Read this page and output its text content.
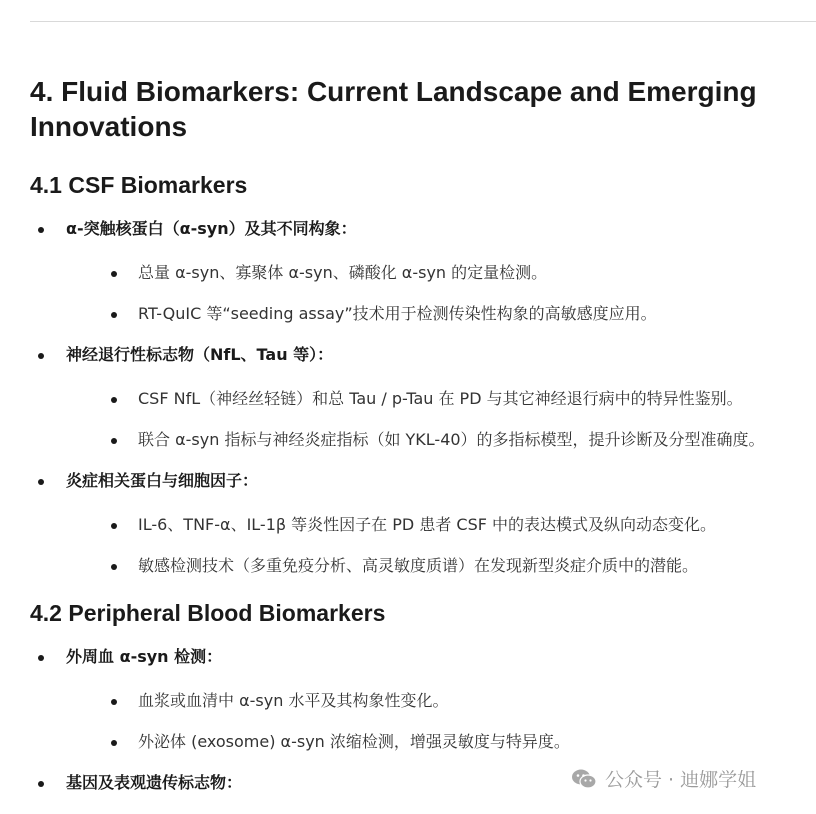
4. Fluid Biomarkers: Current Landscape and Emerging Innovations
4.1 CSF Biomarkers
α-突触核蛋白（α-syn）及其不同构象：
总量 α-syn、寡聚体 α-syn、磷酸化 α-syn 的定量检测。
RT-QuIC 等“seeding assay”技术用于检测传染性构象的高敏感度应用。
神经退行性标志物（NfL、Tau 等）：
CSF NfL（神经丝轻链）和总 Tau / p-Tau 在 PD 与其它神经退行病中的特异性鉴别。
联合 α-syn 指标与神经炎症指标（如 YKL-40）的多指标模型，提升诊断及分型准确度。
炎症相关蛋白与细胞因子：
IL-6、TNF-α、IL-1β 等炎性因子在 PD 患者 CSF 中的表达模式及纵向动态变化。
敏感检测技术（多重免疫分析、高灵敏度质谱）在发现新型炎症介质中的潜能。
4.2 Peripheral Blood Biomarkers
外周血 α-syn 检测：
血浆或血清中 α-syn 水平及其构象性变化。
外泌体 (exosome) α-syn 浓缩检测，增强灵敏度与特异度。
基因及表观遗传标志物：	公众号 · 迪娜学姐
